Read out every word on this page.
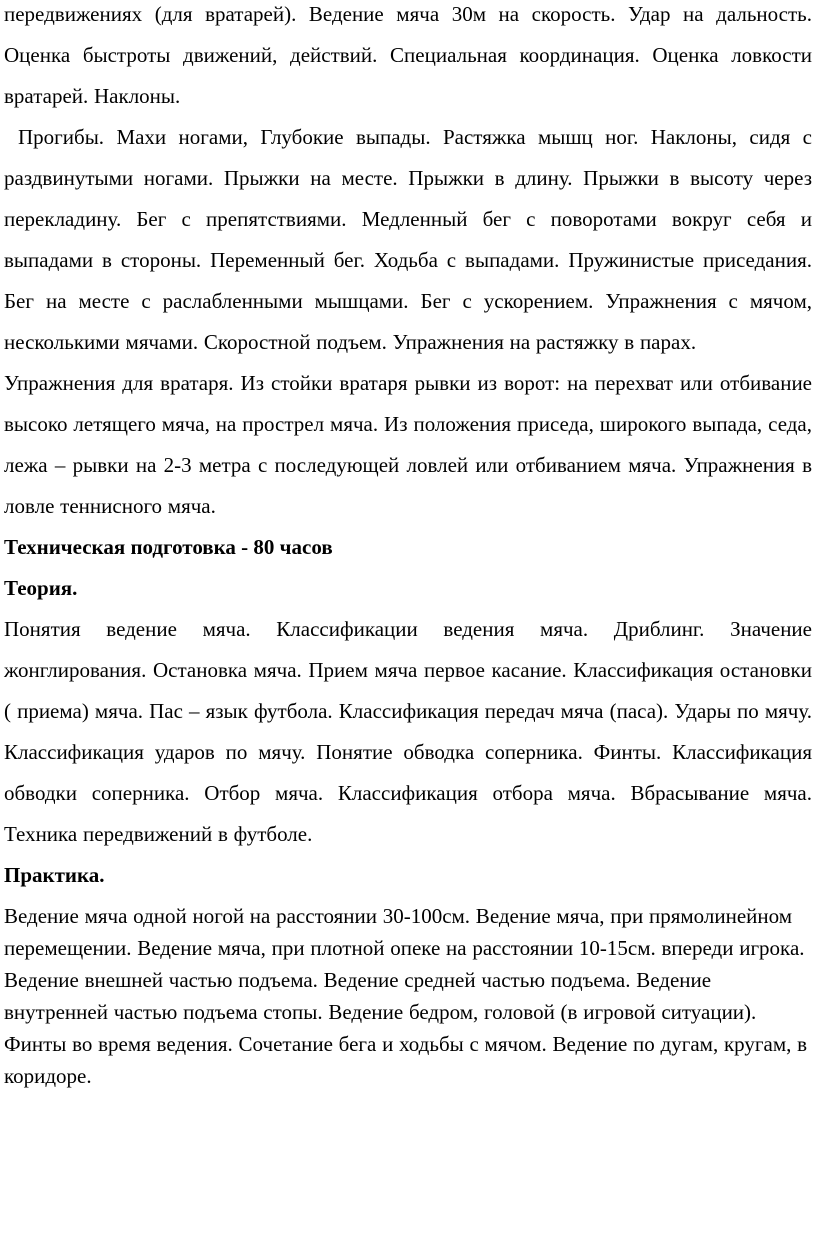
передвижениях (для вратарей). Ведение мяча 30м на скорость. Удар на дальность. Оценка быстроты движений, действий. Специальная координация. Оценка ловкости вратарей. Наклоны.

Прогибы. Махи ногами, Глубокие выпады. Растяжка мышц ног. Наклоны, сидя с раздвинутыми ногами. Прыжки на месте. Прыжки в длину. Прыжки в высоту через перекладину. Бег с препятствиями. Медленный бег с поворотами вокруг себя и выпадами в стороны. Переменный бег. Ходьба с выпадами. Пружинистые приседания. Бег на месте с раслабленными мышцами. Бег с ускорением. Упражнения с мячом, несколькими мячами. Скоростной подъем. Упражнения на растяжку в парах.

Упражнения для вратаря. Из стойки вратаря рывки из ворот: на перехват или отбивание высоко летящего мяча, на прострел мяча. Из положения приседа, широкого выпада, седа, лежа – рывки на 2-3 метра с последующей ловлей или отбиванием мяча. Упражнения в ловле теннисного мяча.

Техническая подготовка - 80 часов

Теория.

Понятия ведение мяча. Классификации ведения мяча. Дриблинг. Значение жонглирования. Остановка мяча. Прием мяча первое касание. Классификация остановки ( приема) мяча. Пас – язык футбола. Классификация передач мяча (паса). Удары по мячу. Классификация ударов по мячу. Понятие обводка соперника. Финты. Классификация обводки соперника. Отбор мяча. Классификация отбора мяча. Вбрасывание мяча. Техника передвижений в футболе.

Практика.

Ведение мяча одной ногой на расстоянии 30-100см. Ведение мяча, при прямолинейном перемещении. Ведение мяча, при плотной опеке на расстоянии 10-15см. впереди игрока. Ведение внешней частью подъема. Ведение средней частью подъема. Ведение внутренней частью подъема стопы. Ведение бедром, головой (в игровой ситуации). Финты во время ведения. Сочетание бега и ходьбы с мячом. Ведение по дугам, кругам, в коридоре.
